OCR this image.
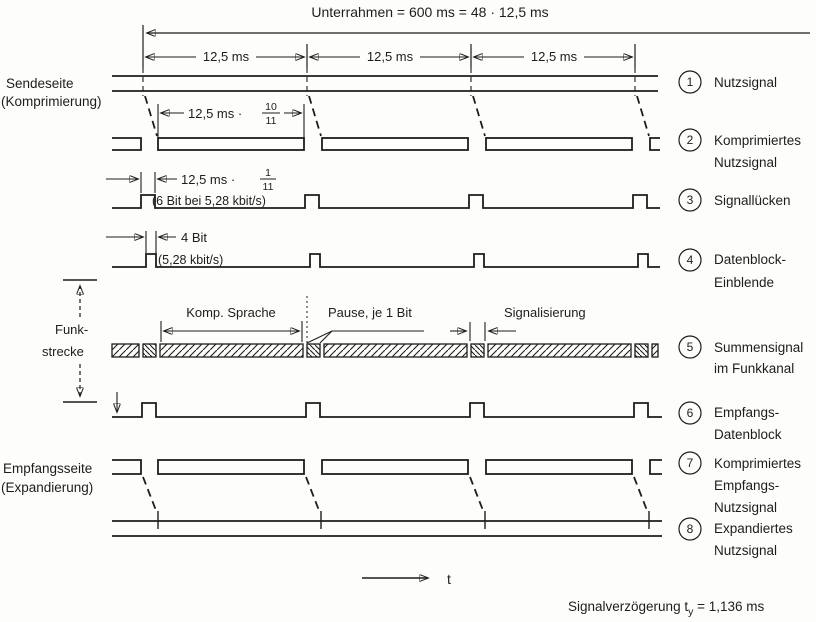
Unterrahmen = 600 ms = 48 · 12,5 ms
12,5 ms	12,5 ms	12,5 ms
Sendeseite
(Komprimierung)
Funk-
strecke
Empfangsseite
(Expandierung)
12,5 ms · 10
11
12,5 ms ·	1
11
(6 Bit bei 5,28 kbit/s)
4 Bit
(5,28 kbit/s)
Komp. Sprache	Pause, je 1 Bit	Signalisierung
1 Nutzsignal
2 Komprimiertes
Nutzsignal
3 Signallücken
4 Datenblock-
Einblende
5 Summensignal
im Funkkanal
6 Empfangs-
Datenblock
7 Komprimiertes
Empfangs-
Nutzsignal
8 Expandiertes
Nutzsignal
t
Signalverzögerung $t_y = 1,136$ ms
